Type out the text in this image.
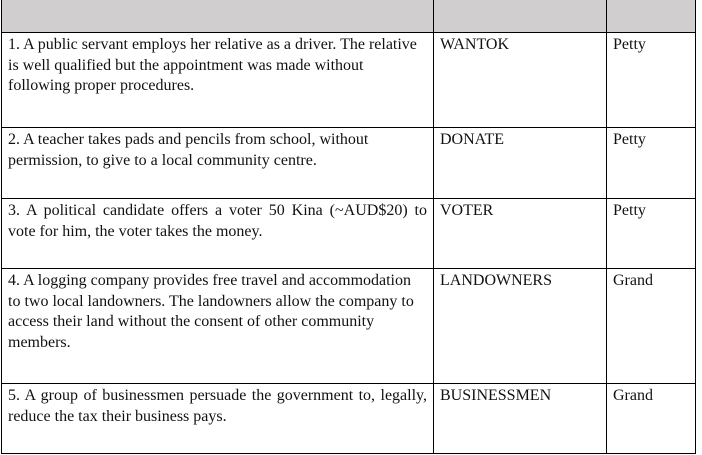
1. A public servant employs her relative as a driver. The relative is well qualified but the appointment was made without following proper procedures.	WANTOK	Petty
2. A teacher takes pads and pencils from school, without permission, to give to a local community centre.	DONATE	Petty
3. A political candidate offers a voter 50 Kina (~AUD$20) to vote for him, the voter takes the money.	VOTER	Petty
4. A logging company provides free travel and accommodation to two local landowners. The landowners allow the company to access their land without the consent of other community members.	LANDOWNERS	Grand
5. A group of businessmen persuade the government to, legally, reduce the tax their business pays.	BUSINESSMEN	Grand
